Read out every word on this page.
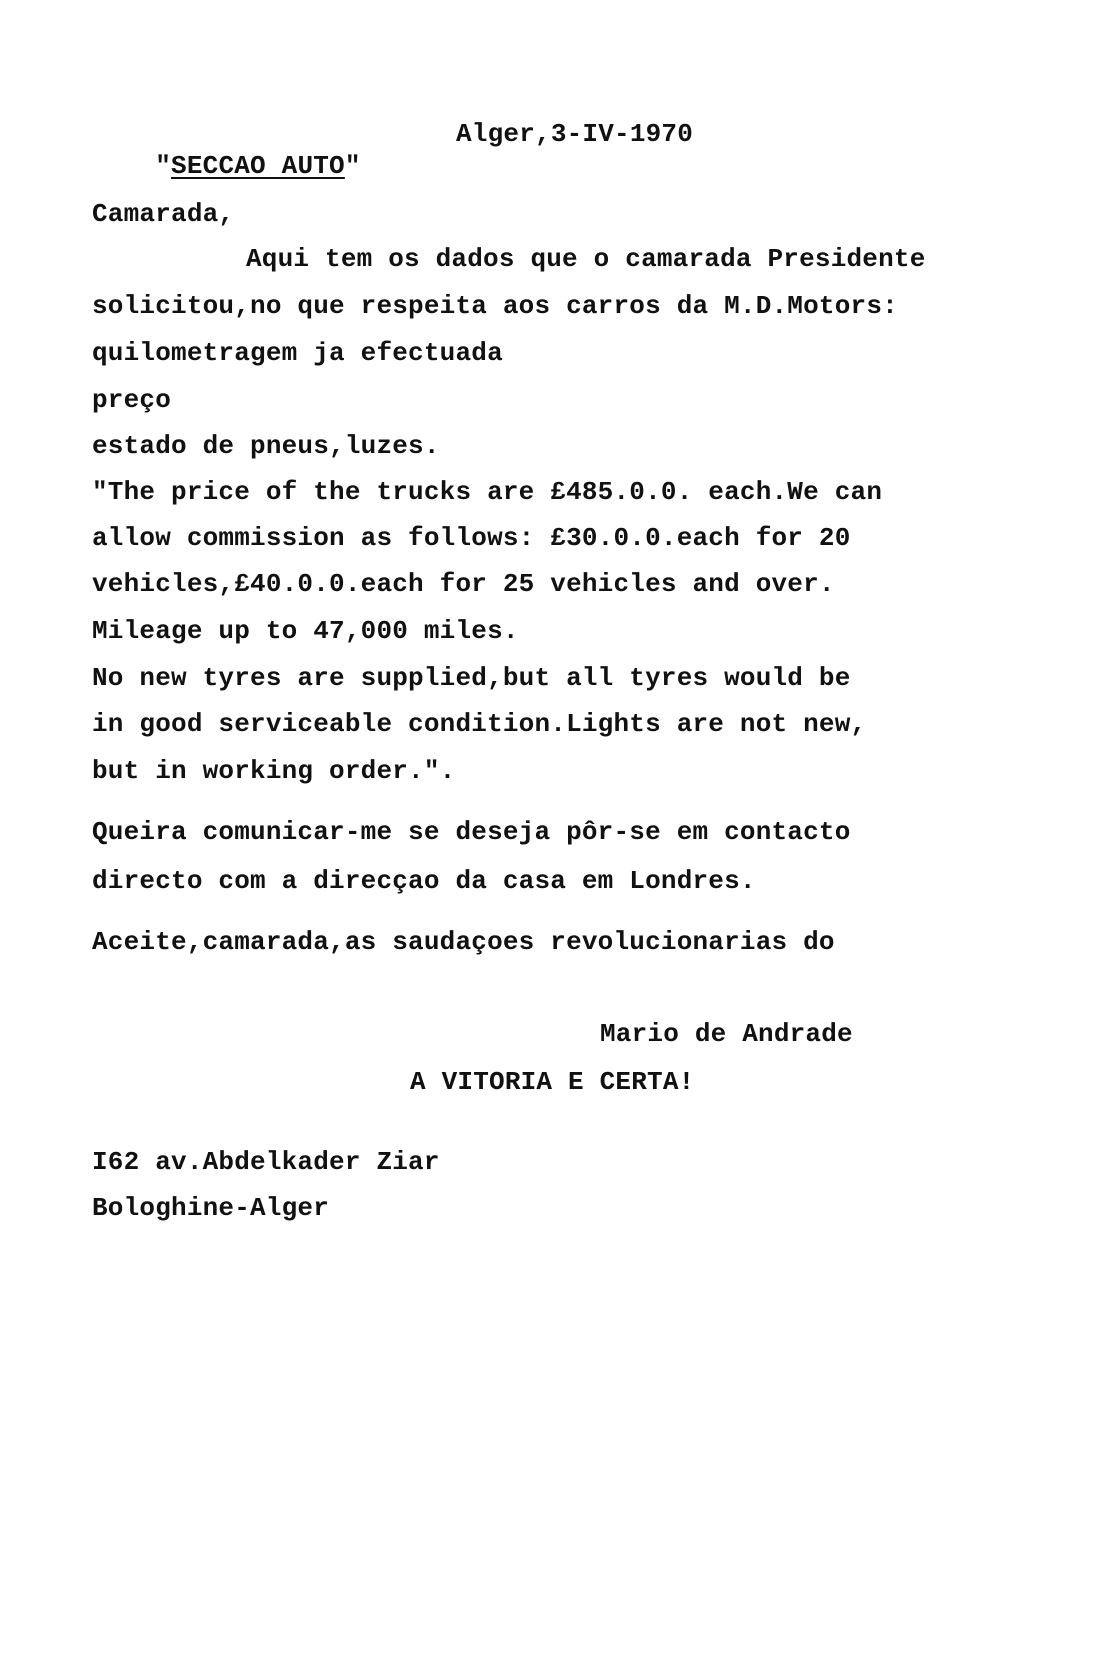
"SECCAO AUTO"

Alger,3-IV-1970
Camarada,
Aqui tem os dados que o camarada Presidente
solicitou,no que respeita aos carros da M.D.Motors:
quilometragem ja efectuada
preço
estado de pneus,luzes.
"The price of the trucks are £485.0.0. each.We can
allow commission as follows: £30.0.0.each for 20
vehicles,£40.0.0.each for 25 vehicles and over.
Mileage up to 47,000 miles.
No new tyres are supplied,but all tyres would be
in good serviceable condition.Lights are not new,
but in working order.".
Queira comunicar-me se deseja pôr-se em contacto
directo com a direcçao da casa em Londres.
Aceite,camarada,as saudaçoes revolucionarias do
Mario de Andrade
A VITORIA E CERTA!
I62 av.Abdelkader Ziar
Bologhine-Alger
